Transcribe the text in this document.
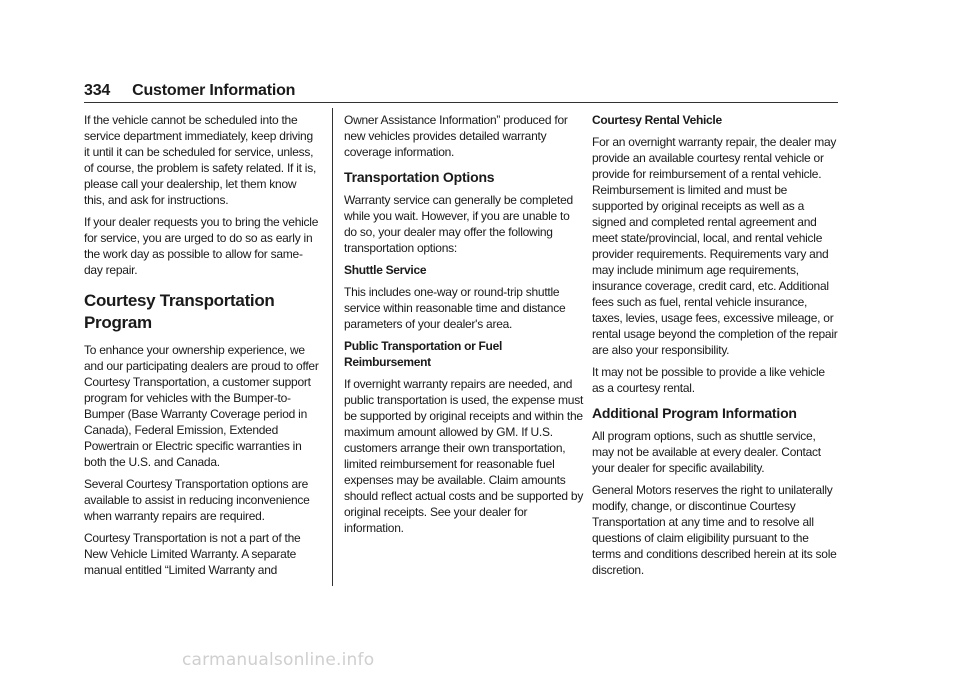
334 Customer Information

If the vehicle cannot be scheduled into the service department immediately, keep driving it until it can be scheduled for service, unless, of course, the problem is safety related. If it is, please call your dealership, let them know this, and ask for instructions.

If your dealer requests you to bring the vehicle for service, you are urged to do so as early in the work day as possible to allow for same-day repair.

Courtesy Transportation Program

To enhance your ownership experience, we and our participating dealers are proud to offer Courtesy Transportation, a customer support program for vehicles with the Bumper-to-Bumper (Base Warranty Coverage period in Canada), Federal Emission, Extended Powertrain or Electric specific warranties in both the U.S. and Canada.

Several Courtesy Transportation options are available to assist in reducing inconvenience when warranty repairs are required.

Courtesy Transportation is not a part of the New Vehicle Limited Warranty. A separate manual entitled “Limited Warranty and

Owner Assistance Information” produced for new vehicles provides detailed warranty coverage information.

Transportation Options

Warranty service can generally be completed while you wait. However, if you are unable to do so, your dealer may offer the following transportation options:

Shuttle Service

This includes one-way or round-trip shuttle service within reasonable time and distance parameters of your dealer's area.

Public Transportation or Fuel Reimbursement

If overnight warranty repairs are needed, and public transportation is used, the expense must be supported by original receipts and within the maximum amount allowed by GM. If U.S. customers arrange their own transportation, limited reimbursement for reasonable fuel expenses may be available. Claim amounts should reflect actual costs and be supported by original receipts. See your dealer for information.

Courtesy Rental Vehicle

For an overnight warranty repair, the dealer may provide an available courtesy rental vehicle or provide for reimbursement of a rental vehicle. Reimbursement is limited and must be supported by original receipts as well as a signed and completed rental agreement and meet state/provincial, local, and rental vehicle provider requirements. Requirements vary and may include minimum age requirements, insurance coverage, credit card, etc. Additional fees such as fuel, rental vehicle insurance, taxes, levies, usage fees, excessive mileage, or rental usage beyond the completion of the repair are also your responsibility.

It may not be possible to provide a like vehicle as a courtesy rental.

Additional Program Information

All program options, such as shuttle service, may not be available at every dealer. Contact your dealer for specific availability.

General Motors reserves the right to unilaterally modify, change, or discontinue Courtesy Transportation at any time and to resolve all questions of claim eligibility pursuant to the terms and conditions described herein at its sole discretion.

carmanualsonline.info
